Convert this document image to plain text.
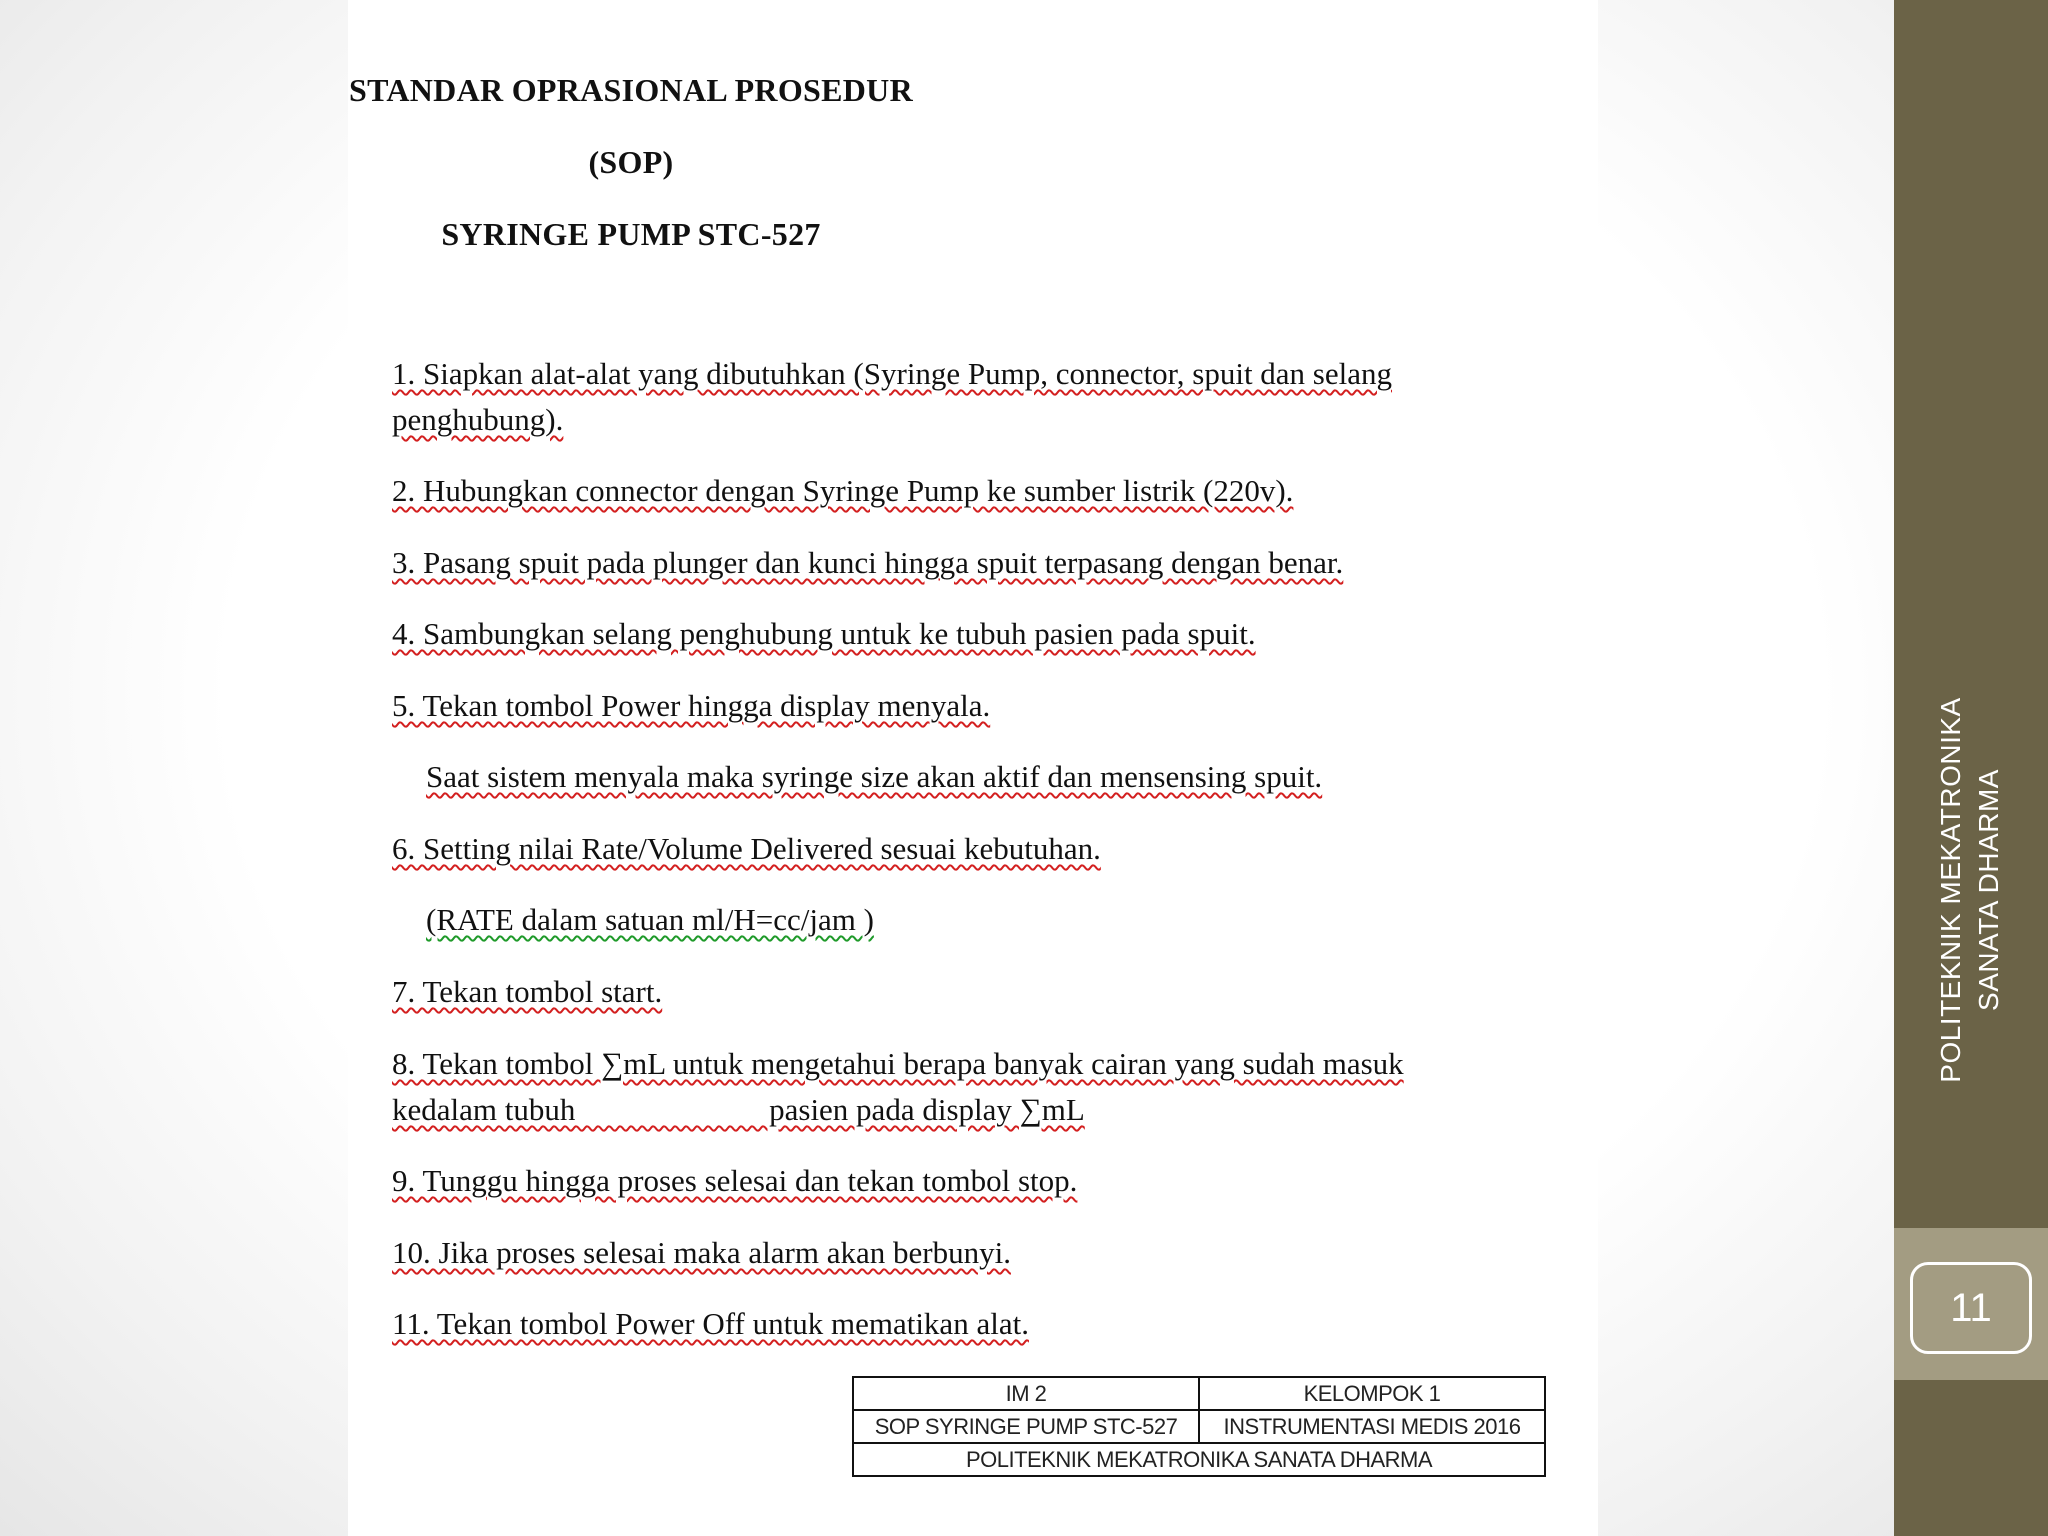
STANDAR OPRASIONAL PROSEDUR
(SOP)
SYRINGE PUMP STC-527
1. Siapkan alat-alat yang dibutuhkan (Syringe Pump, connector, spuit dan selang
penghubung).
2. Hubungkan connector dengan Syringe Pump ke sumber listrik (220v).
3. Pasang spuit pada plunger dan kunci hingga spuit terpasang dengan benar.
4. Sambungkan selang penghubung untuk ke tubuh pasien pada spuit.
5. Tekan tombol Power hingga display menyala.
Saat sistem menyala maka syringe size akan aktif dan mensensing spuit.
6. Setting nilai Rate/Volume Delivered sesuai kebutuhan.
(RATE dalam satuan ml/H=cc/jam )
7. Tekan tombol start.
8. Tekan tombol ∑mL untuk mengetahui berapa banyak cairan yang sudah masuk
kedalam tubuh                         pasien pada display ∑mL
9. Tunggu hingga proses selesai dan tekan tombol stop.
10. Jika proses selesai maka alarm akan berbunyi.
11. Tekan tombol Power Off untuk mematikan alat.
IM 2	KELOMPOK 1
SOP SYRINGE PUMP STC-527	INSTRUMENTASI MEDIS 2016
POLITEKNIK MEKATRONIKA SANATA DHARMA	
POLITEKNIK MEKATRONIKA SANATA DHARMA
11
